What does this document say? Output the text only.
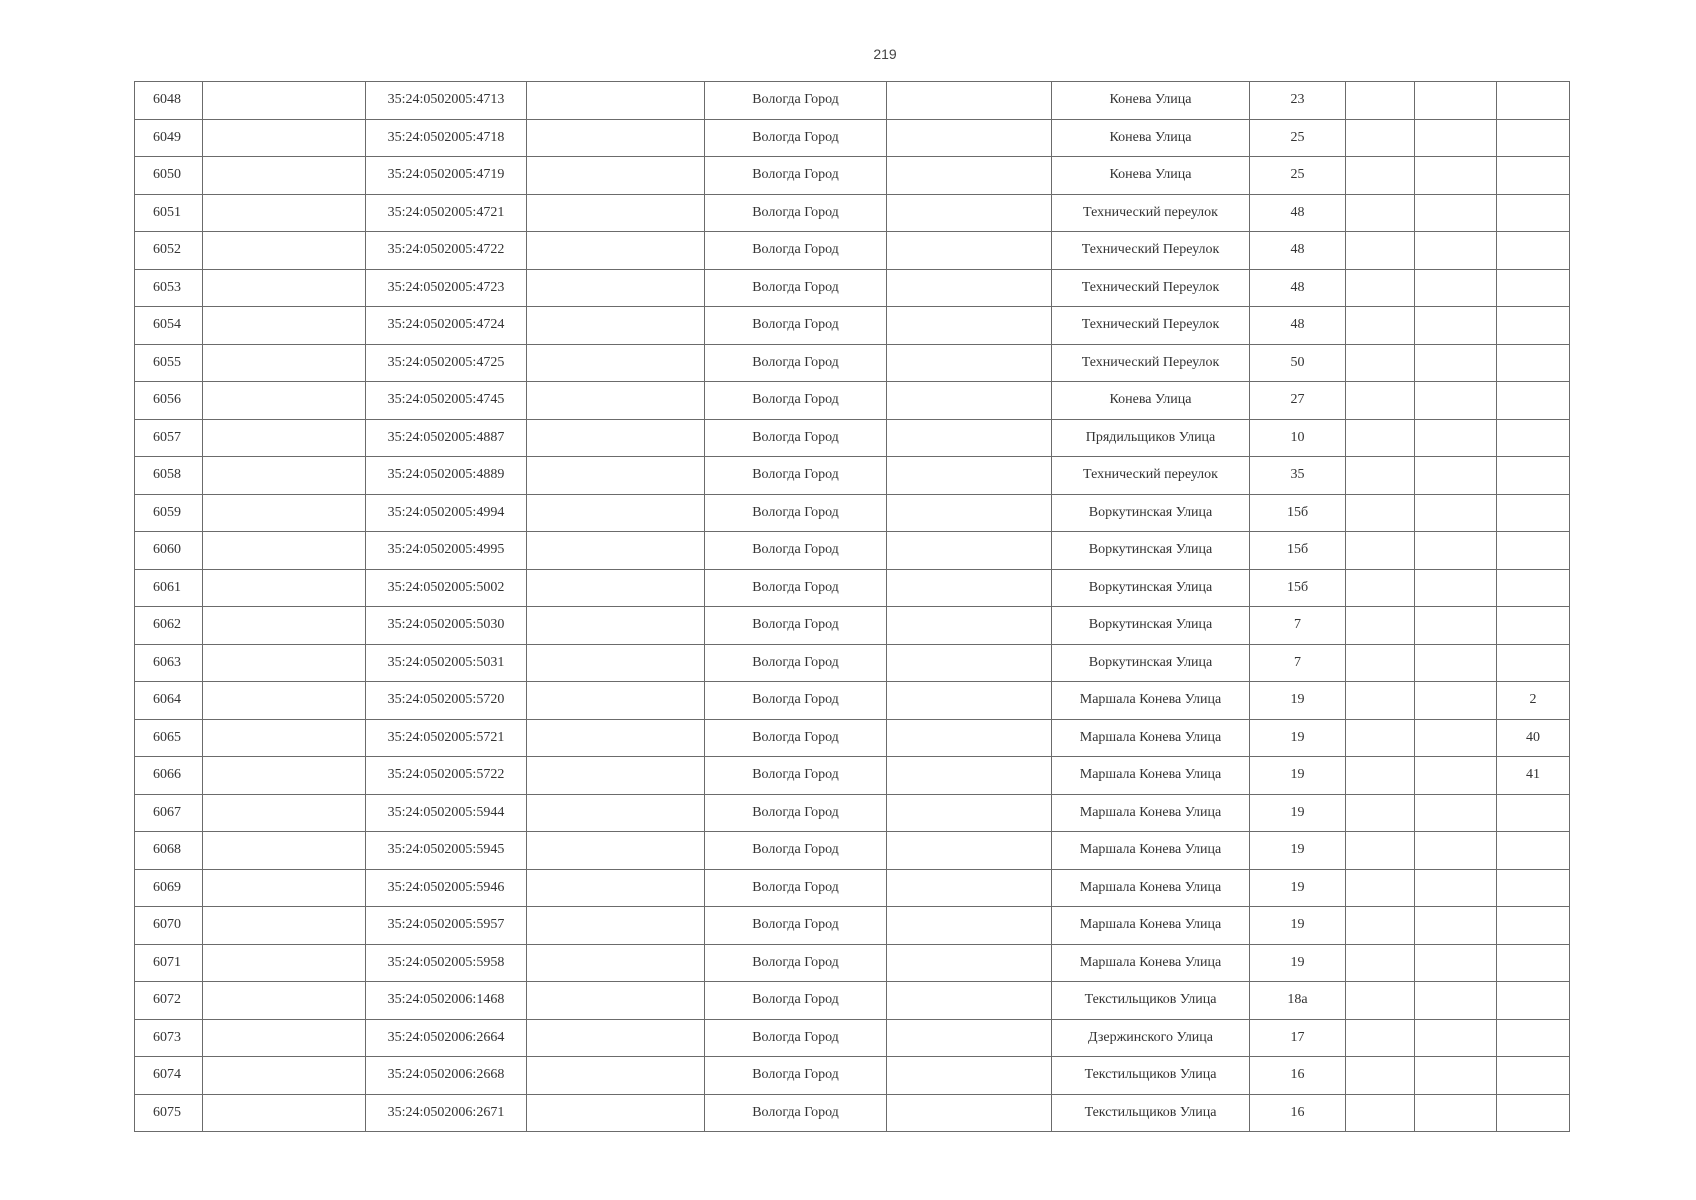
219
6048		35:24:0502005:4713		Вологда Город		Конева Улица	23			
6049		35:24:0502005:4718		Вологда Город		Конева Улица	25			
6050		35:24:0502005:4719		Вологда Город		Конева Улица	25			
6051		35:24:0502005:4721		Вологда Город		Технический переулок	48			
6052		35:24:0502005:4722		Вологда Город		Технический Переулок	48			
6053		35:24:0502005:4723		Вологда Город		Технический Переулок	48			
6054		35:24:0502005:4724		Вологда Город		Технический Переулок	48			
6055		35:24:0502005:4725		Вологда Город		Технический Переулок	50			
6056		35:24:0502005:4745		Вологда Город		Конева Улица	27			
6057		35:24:0502005:4887		Вологда Город		Прядильщиков Улица	10			
6058		35:24:0502005:4889		Вологда Город		Технический переулок	35			
6059		35:24:0502005:4994		Вологда Город		Воркутинская Улица	15б			
6060		35:24:0502005:4995		Вологда Город		Воркутинская Улица	15б			
6061		35:24:0502005:5002		Вологда Город		Воркутинская Улица	15б			
6062		35:24:0502005:5030		Вологда Город		Воркутинская Улица	7			
6063		35:24:0502005:5031		Вологда Город		Воркутинская Улица	7			
6064		35:24:0502005:5720		Вологда Город		Маршала Конева Улица	19			2
6065		35:24:0502005:5721		Вологда Город		Маршала Конева Улица	19			40
6066		35:24:0502005:5722		Вологда Город		Маршала Конева Улица	19			41
6067		35:24:0502005:5944		Вологда Город		Маршала Конева Улица	19			
6068		35:24:0502005:5945		Вологда Город		Маршала Конева Улица	19			
6069		35:24:0502005:5946		Вологда Город		Маршала Конева Улица	19			
6070		35:24:0502005:5957		Вологда Город		Маршала Конева Улица	19			
6071		35:24:0502005:5958		Вологда Город		Маршала Конева Улица	19			
6072		35:24:0502006:1468		Вологда Город		Текстильщиков Улица	18а			
6073		35:24:0502006:2664		Вологда Город		Дзержинского Улица	17			
6074		35:24:0502006:2668		Вологда Город		Текстильщиков Улица	16			
6075		35:24:0502006:2671		Вологда Город		Текстильщиков Улица	16			
